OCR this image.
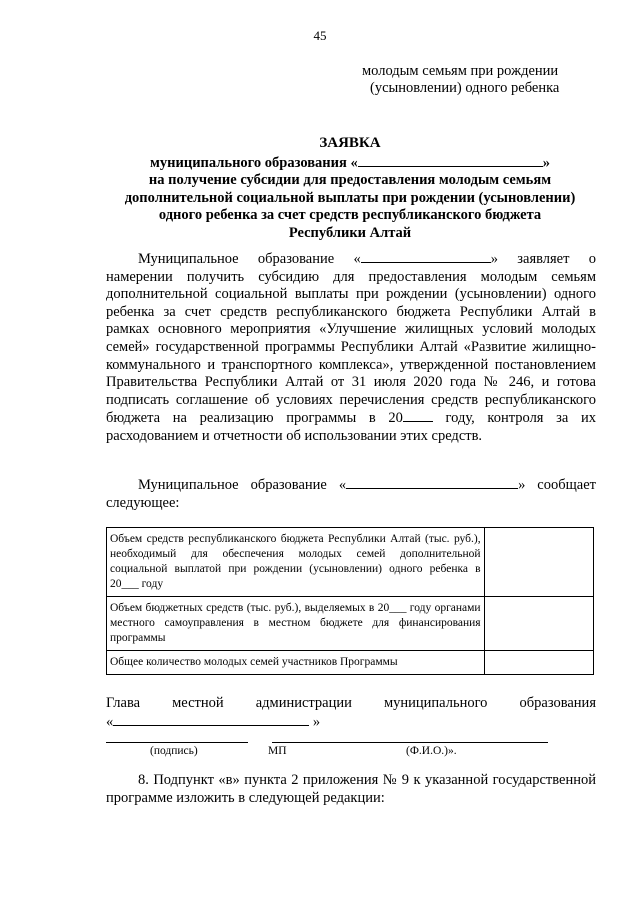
45
молодым семьям при рождении
(усыновлении) одного ребенка
ЗАЯВКА
муниципального образования «	»
на получение субсидии для предоставления молодым семьям
дополнительной социальной выплаты при рождении (усыновлении)
одного ребенка за счет средств республиканского бюджета
Республики Алтай
Муниципальное образование «	» заявляет о намерении получить субсидию для предоставления молодым семьям дополнительной социальной выплаты при рождении (усыновлении) одного ребенка за счет средств республиканского бюджета Республики Алтай в рамках основного мероприятия «Улучшение жилищных условий молодых семей» государственной программы Республики Алтай «Развитие жилищно-коммунального и транспортного комплекса», утвержденной постановлением Правительства Республики Алтай от 31 июля 2020 года № 246, и готова подписать соглашение об условиях перечисления средств республиканского бюджета на реализацию программы в 20 году, контроля за их расходованием и отчетности об использовании этих средств.
Муниципальное образование «	» сообщает следующее:
Объем средств республиканского бюджета Республики Алтай (тыс. руб.), необходимый для обеспечения молодых семей дополнительной социальной выплатой при рождении (усыновлении) одного ребенка в 20___ году	
Объем бюджетных средств (тыс. руб.), выделяемых в 20___ году органами местного самоуправления в местном бюджете для финансирования программы	
Общее количество молодых семей участников Программы	
Глава местной администрации муниципального образования
«	»
(подпись)	МП	(Ф.И.О.)».
8. Подпункт «в» пункта 2 приложения № 9 к указанной государственной программе изложить в следующей редакции:
